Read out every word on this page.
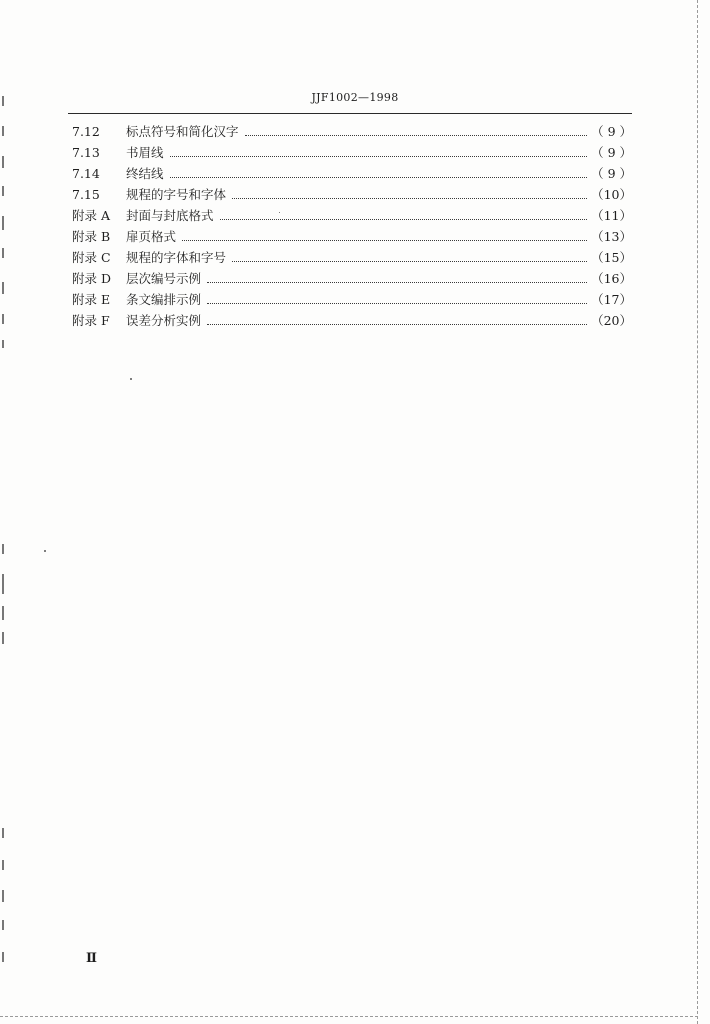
JJF1002—1998
7.12	标点符号和简化汉字	（ 9 ）
7.13	书眉线	（ 9 ）
7.14	终结线	（ 9 ）
7.15	规程的字号和字体	（10）
附录 A	封面与封底格式	（11）
附录 B	扉页格式	（13）
附录 C	规程的字体和字号	（15）
附录 D	层次编号示例	（16）
附录 E	条文编排示例	（17）
附录 F	误差分析实例	（20）
Ⅱ
